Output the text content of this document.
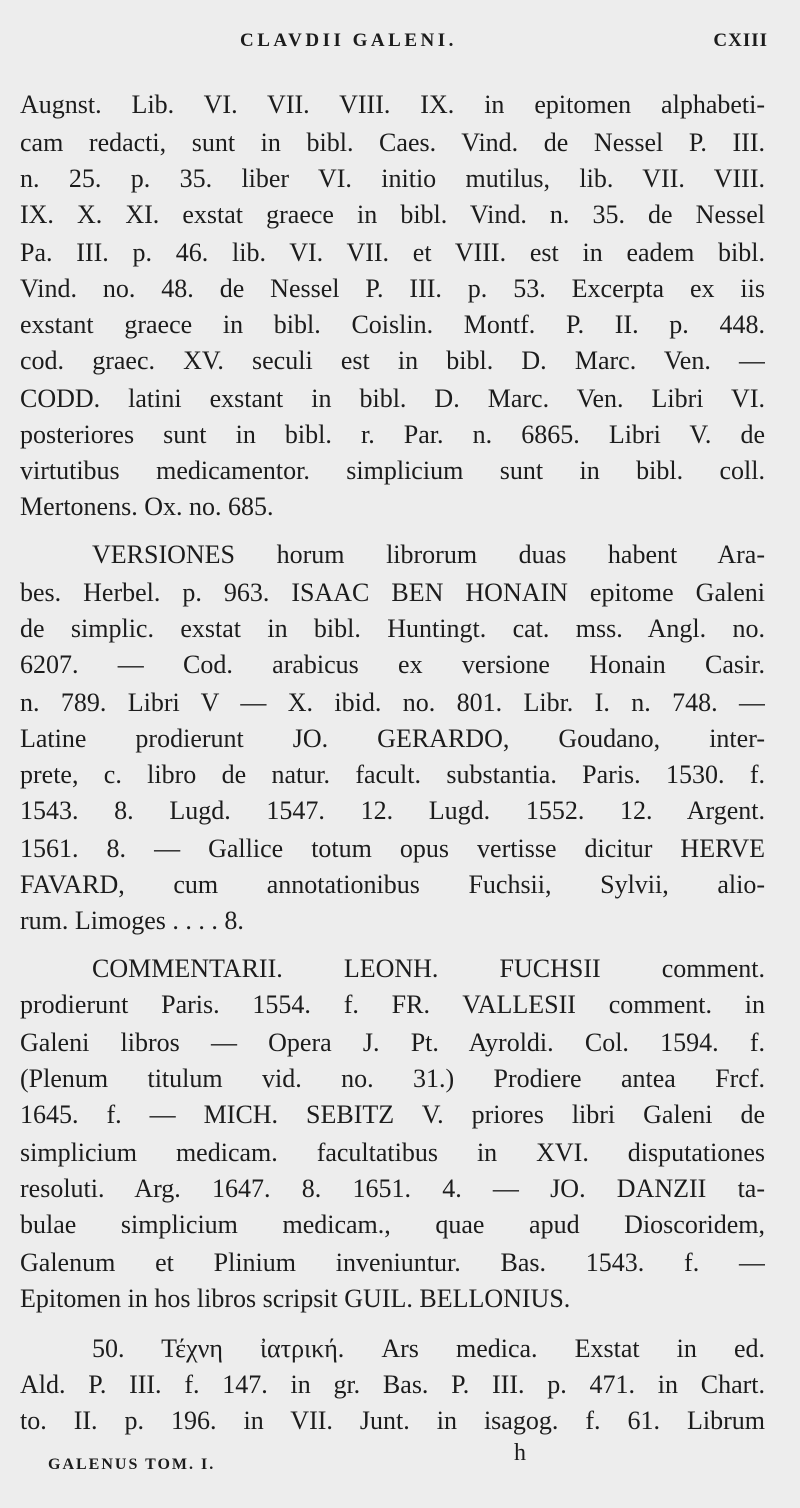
CLAVDII GALENI.	CXIII
Augnst. Lib. VI. VII. VIII. IX. in epitomen alphabeti-
cam redacti, sunt in bibl. Caes. Vind. de Nessel P. III.
n. 25. p. 35. liber VI. initio mutilus, lib. VII. VIII.
IX. X. XI. exstat graece in bibl. Vind. n. 35. de Nessel
Pa. III. p. 46. lib. VI. VII. et VIII. est in eadem bibl.
Vind. no. 48. de Nessel P. III. p. 53. Excerpta ex iis
exstant graece in bibl. Coislin. Montf. P. II. p. 448.
cod. graec. XV. seculi est in bibl. D. Marc. Ven. —
CODD. latini exstant in bibl. D. Marc. Ven. Libri VI.
posteriores sunt in bibl. r. Par. n. 6865. Libri V. de
virtutibus medicamentor. simplicium sunt in bibl. coll.
Mertonens. Ox. no. 685.
VERSIONES horum librorum duas habent Ara-
bes. Herbel. p. 963. ISAAC BEN HONAIN epitome Galeni
de simplic. exstat in bibl. Huntingt. cat. mss. Angl. no.
6207. — Cod. arabicus ex versione Honain Casir.
n. 789. Libri V — X. ibid. no. 801. Libr. I. n. 748. —
Latine prodierunt JO. GERARDO, Goudano, inter-
prete, c. libro de natur. facult. substantia. Paris. 1530. f.
1543. 8. Lugd. 1547. 12. Lugd. 1552. 12. Argent.
1561. 8. — Gallice totum opus vertisse dicitur HERVE
FAVARD, cum annotationibus Fuchsii, Sylvii, alio-
rum. Limoges . . . . 8.
COMMENTARII. LEONH. FUCHSII comment.
prodierunt Paris. 1554. f. FR. VALLESII comment. in
Galeni libros — Opera J. Pt. Ayroldi. Col. 1594. f.
(Plenum titulum vid. no. 31.) Prodiere antea Frcf.
1645. f. — MICH. SEBITZ V. priores libri Galeni de
simplicium medicam. facultatibus in XVI. disputationes
resoluti. Arg. 1647. 8. 1651. 4. — JO. DANZII ta-
bulae simplicium medicam., quae apud Dioscoridem,
Galenum et Plinium inveniuntur. Bas. 1543. f. —
Epitomen in hos libros scripsit GUIL. BELLONIUS.
50. Τέχνη ἰατρική. Ars medica. Exstat in ed.
Ald. P. III. f. 147. in gr. Bas. P. III. p. 471. in Chart.
to. II. p. 196. in VII. Junt. in isagog. f. 61. Librum
GALENUS TOM. I.	h
